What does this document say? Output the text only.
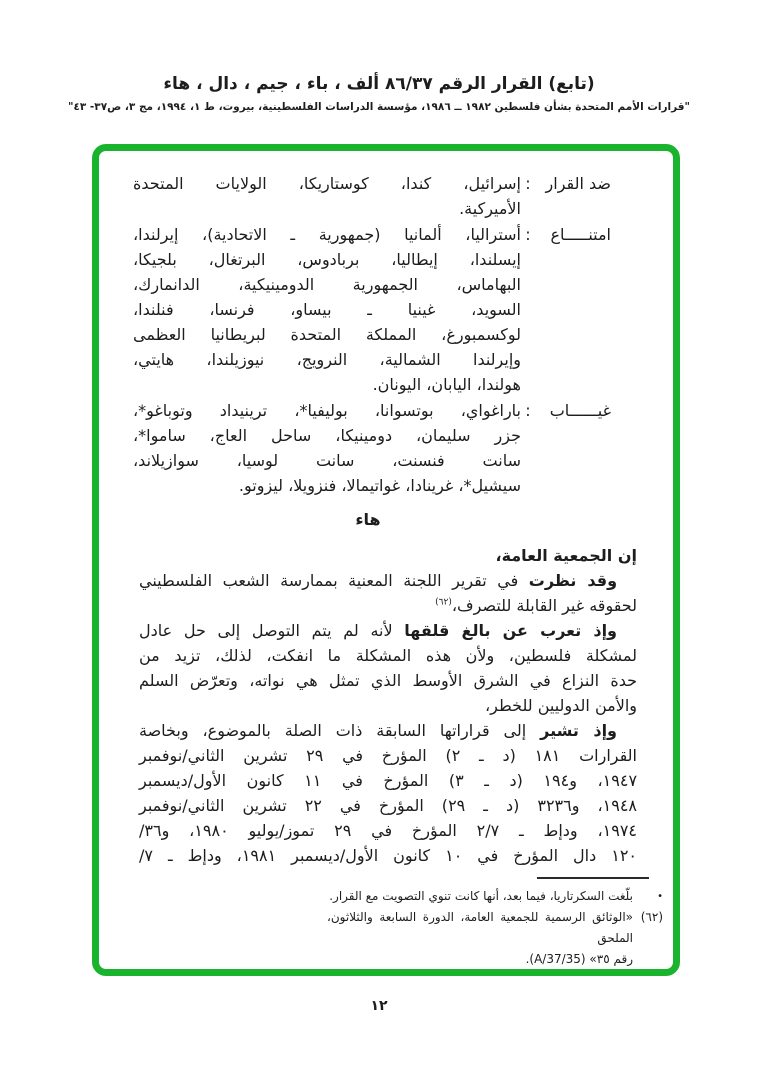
(تابع) القرار الرقم ٨٦/٣٧ ألف ، باء ، جيم ، دال ، هاء
"قرارات الأمم المتحدة بشأن فلسطين ١٩٨٢ ــ ١٩٨٦، مؤسسة الدراسات الفلسطينية، بيروت، ط ١، ١٩٩٤، مج ٣، ص٣٧- ٤٣"
ضد القرار
:
إسرائيل، كندا، كوستاريكا، الولايات المتحدة
الأميركية.
امتنـــــاع
:
أستراليا، ألمانيا (جمهورية ـ الاتحادية)، إيرلندا،
إيسلندا، إيطاليا، بربادوس، البرتغال، بلجيكا،
البهاماس، الجمهورية الدومينيكية، الدانمارك،
السويد، غينيا ـ بيساو، فرنسا، فنلندا،
لوكسمبورغ، المملكة المتحدة لبريطانيا العظمى
وإيرلندا الشمالية، النرويج، نيوزيلندا، هايتي،
هولندا، اليابان، اليونان.
غيــــــاب
:
باراغواي، بوتسوانا، بوليفيا*، ترينيداد وتوباغو*،
جزر سليمان، دومينيكا، ساحل العاج، ساموا*،
سانت فنسنت، سانت لوسيا، سوازيلاند،
سيشيل*، غرينادا، غواتيمالا، فنزويلا، ليزوتو.
هاء
إن الجمعية العامة،
وقد نظرت في تقرير اللجنة المعنية بممارسة الشعب الفلسطيني
لحقوقه غير القابلة للتصرف،$^{(٦٢)}$
وإذ تعرب عن بالغ قلقها لأنه لم يتم التوصل إلى حل عادل
لمشكلة فلسطين، ولأن هذه المشكلة ما انفكت، لذلك، تزيد من
حدة النزاع في الشرق الأوسط الذي تمثل هي نواته، وتعرّض السلم
والأمن الدوليين للخطر،
وإذ تشير إلى قراراتها السابقة ذات الصلة بالموضوع، وبخاصة
القرارات ١٨١ (د ـ ٢) المؤرخ في ٢٩ تشرين الثاني/نوفمبر
١٩٤٧، و١٩٤ (د ـ ٣) المؤرخ في ١١ كانون الأول/ديسمبر
١٩٤٨، و٣٢٣٦ (د ـ ٢٩) المؤرخ في ٢٢ تشرين الثاني/نوفمبر
١٩٧٤، ودإط ـ ٢/٧ المؤرخ في ٢٩ تموز/يوليو ١٩٨٠، و٣٦/
١٢٠ دال المؤرخ في ١٠ كانون الأول/ديسمبر ١٩٨١، ودإط ـ ٧/
•
بلّغت السكرتاريا، فيما بعد، أنها كانت تنوي التصويت مع القرار.
(٦٢)
«الوثائق الرسمية للجمعية العامة، الدورة السابعة والثلاثون، الملحق
رقم ٣٥» (A/37/35).
١٢
